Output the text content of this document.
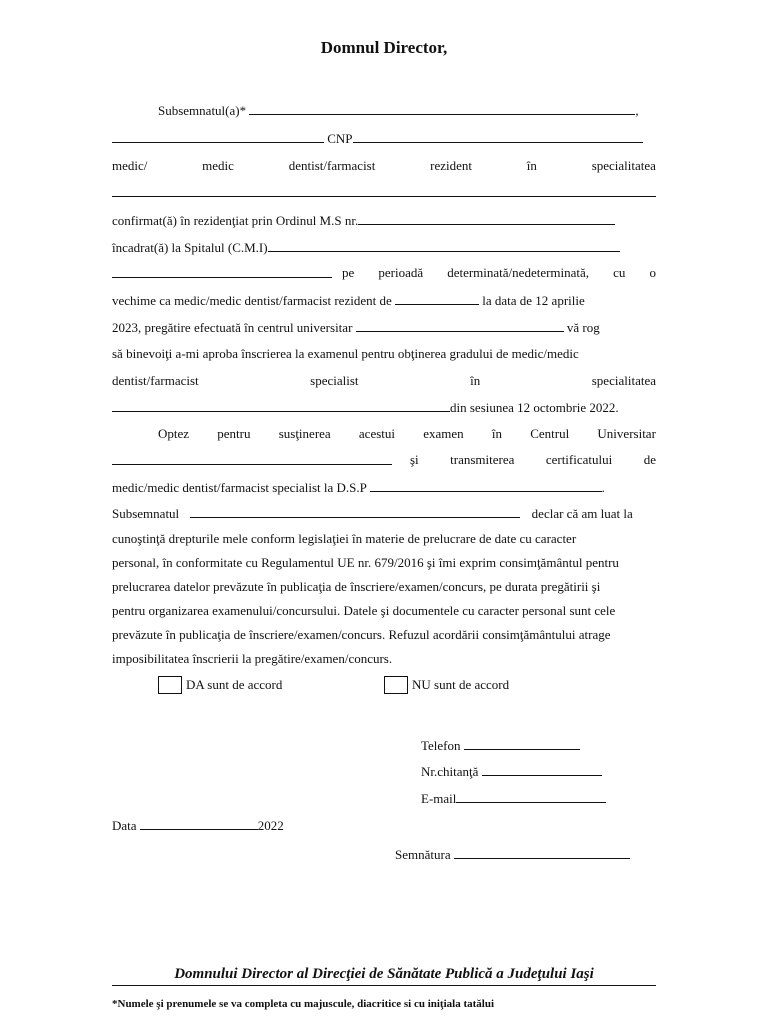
Domnul Director,
Subsemnatul(a)*	,
CNP
medic/	medic	dentist/farmacist	rezident	în	specialitatea
confirmat(ă) în rezidenţiat prin Ordinul M.S nr.
încadrat(ă) la Spitalul (C.M.I)
pe perioadă determinată/nedeterminată, cu o
vechime ca medic/medic dentist/farmacist rezident de	la data de 12 aprilie
2023, pregătire efectuată în centrul universitar	vă rog
să binevoiţi a-mi aproba înscrierea la examenul pentru obţinerea gradului de medic/medic
dentist/farmacist	specialist	în	specialitatea
din sesiunea 12 octombrie 2022.
Optez pentru susţinerea acestui examen în Centrul Universitar
şi transmiterea certificatului de
medic/medic dentist/farmacist specialist la D.S.P	.
Subsemnatul	declar că am luat la
cunoştinţă drepturile mele conform legislaţiei în materie de prelucrare de date cu caracter
personal, în conformitate cu Regulamentul UE nr. 679/2016 şi îmi exprim consimţământul pentru
prelucrarea datelor prevăzute în publicaţia de înscriere/examen/concurs, pe durata pregătirii şi
pentru organizarea examenului/concursului. Datele şi documentele cu caracter personal sunt cele
prevăzute în publicaţia de înscriere/examen/concurs. Refuzul acordării consimţământului atrage
imposibilitatea înscrierii la pregătire/examen/concurs.
DA sunt de accord	NU sunt de accord
Telefon
Nr.chitanţă
E-mail
Data	2022
Semnătura
Domnului Director al Direcţiei de Sănătate Publică a Judeţului Iaşi
*Numele şi prenumele se va completa cu majuscule, diacritice si cu iniţiala tatălui
